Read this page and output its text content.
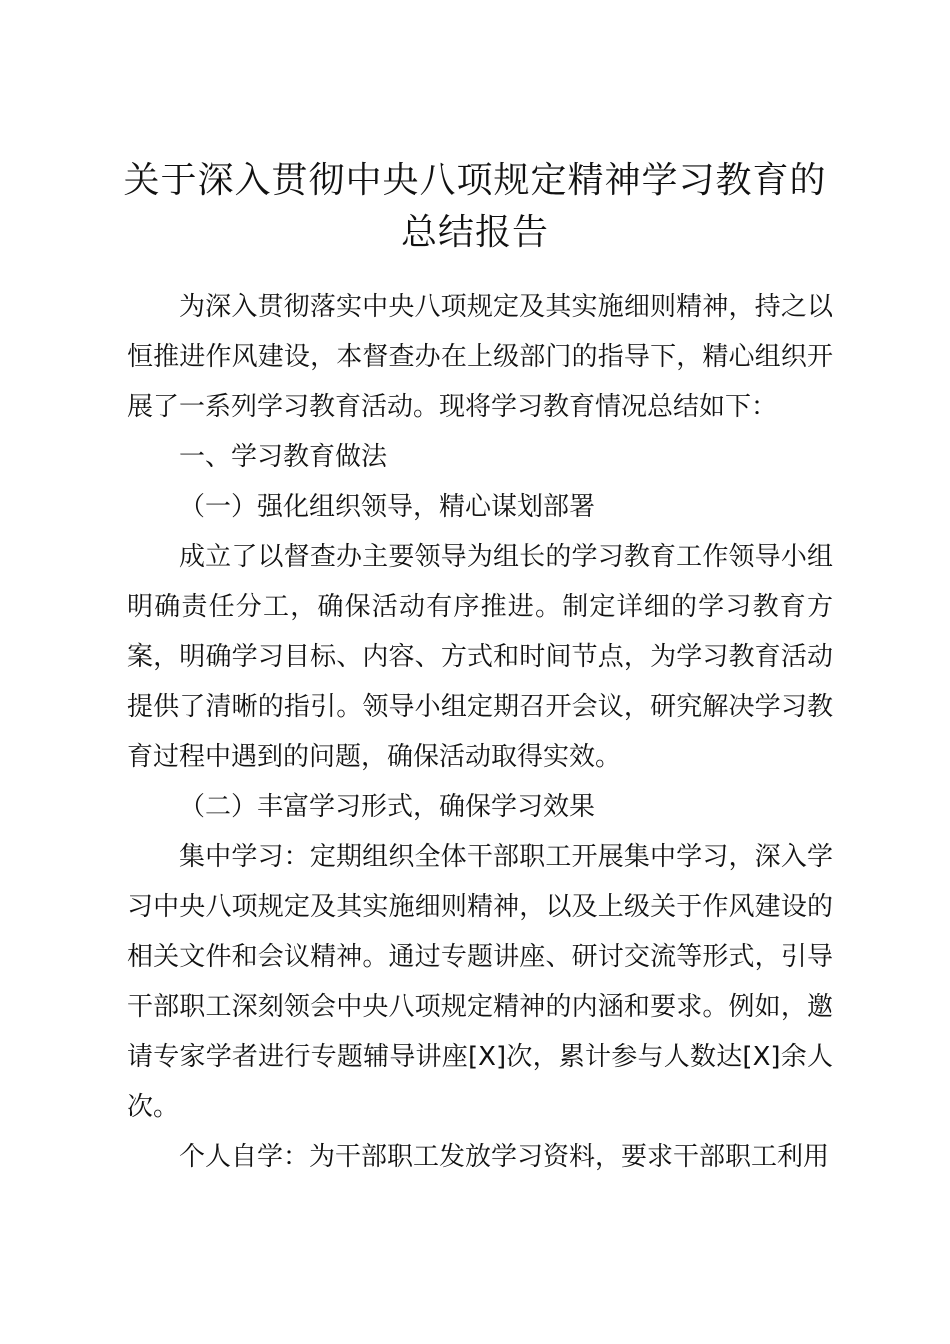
关于深入贯彻中央八项规定精神学习教育的总结报告

为深入贯彻落实中央八项规定及其实施细则精神，持之以恒推进作风建设，本督查办在上级部门的指导下，精心组织开展了一系列学习教育活动。现将学习教育情况总结如下：

一、学习教育做法

（一）强化组织领导，精心谋划部署

成立了以督查办主要领导为组长的学习教育工作领导小组明确责任分工，确保活动有序推进。制定详细的学习教育方案，明确学习目标、内容、方式和时间节点，为学习教育活动提供了清晰的指引。领导小组定期召开会议，研究解决学习教育过程中遇到的问题，确保活动取得实效。

（二）丰富学习形式，确保学习效果

集中学习：定期组织全体干部职工开展集中学习，深入学习中央八项规定及其实施细则精神，以及上级关于作风建设的相关文件和会议精神。通过专题讲座、研讨交流等形式，引导干部职工深刻领会中央八项规定精神的内涵和要求。例如，邀请专家学者进行专题辅导讲座[X]次，累计参与人数达[X]余人次。

个人自学：为干部职工发放学习资料，要求干部职工利用
